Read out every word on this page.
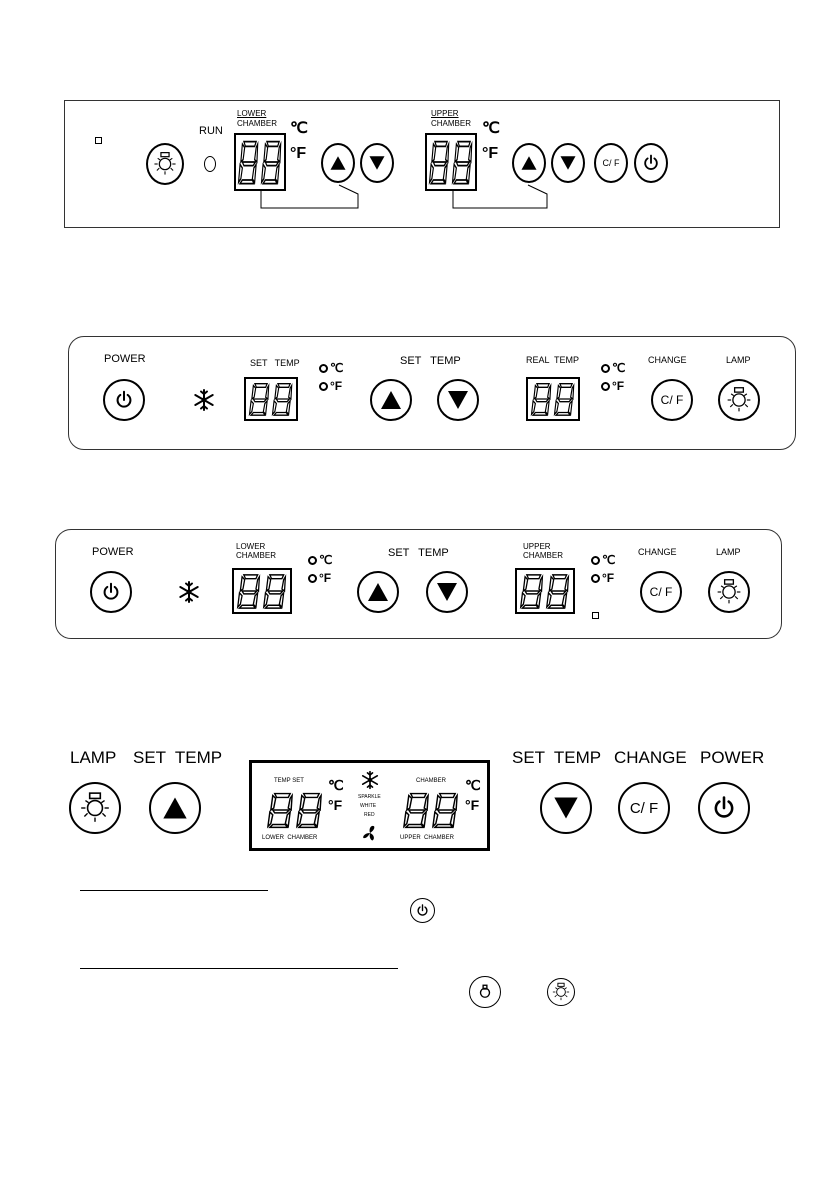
RUN
LOWER
CHAMBER ℃
°F
UPPER
CHAMBER ℃
°F
C/ F
POWER	SET   TEMP	℃
°F
SET   TEMP	REAL  TEMP
℃
°F
CHANGE
C/ F
LAMP
POWER	LOWER
CHAMBER	℃
°F
SET   TEMP
UPPER
CHAMBER	℃
°F
CHANGE
C/ F
LAMP
LAMP SET  TEMP
TEMP SET ℃
°F
LOWER  CHAMBER
SPARKLE
WHITE
RED
CHAMBER ℃
°F
UPPER  CHAMBER
SET  TEMP CHANGE POWER
C/ F
